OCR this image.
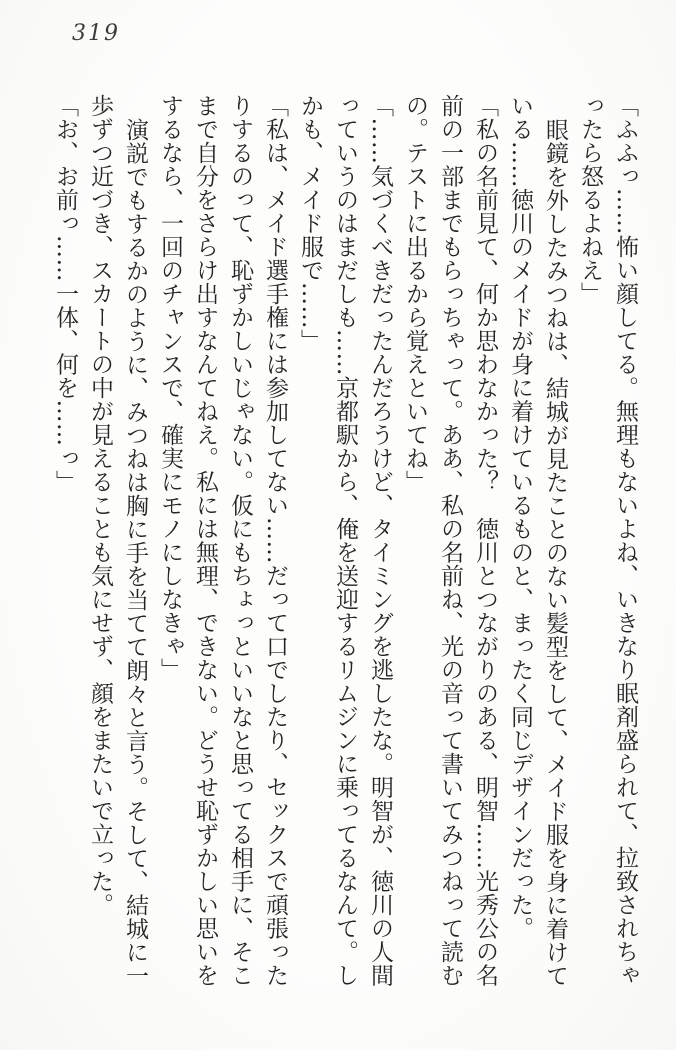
319

「ふふっ……怖い顔してる。無理もないよね、いきなり眠剤盛られて、拉致されちゃったら怒るよねえ」

眼鏡を外したみつねは、結城が見たことのない髪型をして、メイド服を身に着けている……徳川のメイドが身に着けているものと、まったく同じデザインだった。

「私の名前見て、何か思わなかった？　徳川とつながりのある、明智……光秀公の名前の一部までもらっちゃって。ああ、私の名前ね、光の音って書いてみつねって読むの。テストに出るから覚えといてね」

「……気づくべきだったんだろうけど、タイミングを逃したな。明智が、徳川の人間っていうのはまだしも……京都駅から、俺を送迎するリムジンに乗ってるなんて。しかも、メイド服で……」

「私は、メイド選手権には参加してない……だって口でしたり、セックスで頑張ったりするのって、恥ずかしいじゃない。仮にもちょっといいなと思ってる相手に、そこまで自分をさらけ出すなんてねえ。私には無理、できない。どうせ恥ずかしい思いをするなら、一回のチャンスで、確実にモノにしなきゃ」

演説でもするかのように、みつねは胸に手を当てて朗々と言う。そして、結城に一歩ずつ近づき、スカートの中が見えることも気にせず、顔をまたいで立った。

「お、お前っ……一体、何を……っ」
